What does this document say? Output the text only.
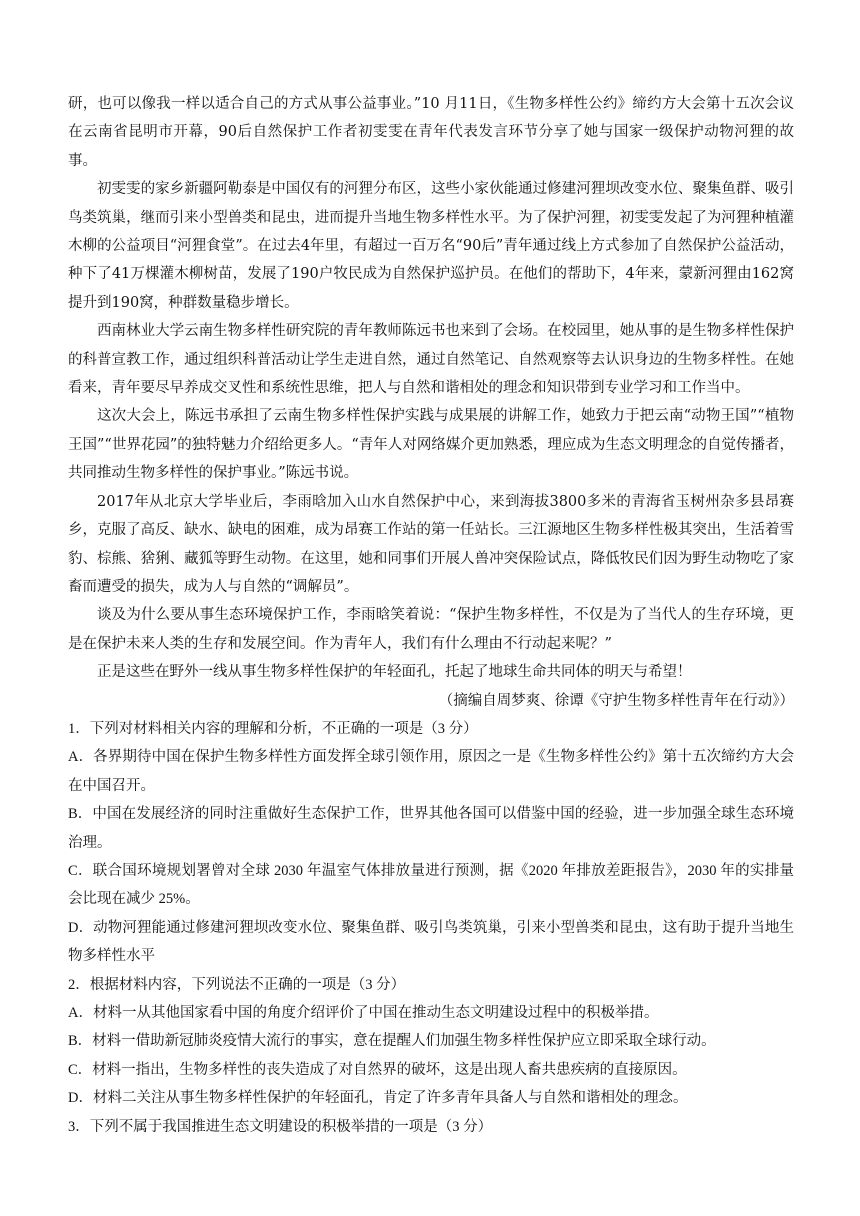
研，也可以像我一样以适合自己的方式从事公益事业。”10 月11日，《生物多样性公约》缔约方大会第十五次会议在云南省昆明市开幕，90后自然保护工作者初雯雯在青年代表发言环节分享了她与国家一级保护动物河狸的故事。

初雯雯的家乡新疆阿勒泰是中国仅有的河狸分布区，这些小家伙能通过修建河狸坝改变水位、聚集鱼群、吸引鸟类筑巢，继而引来小型兽类和昆虫，进而提升当地生物多样性水平。为了保护河狸，初雯雯发起了为河狸种植灌木柳的公益项目“河狸食堂”。在过去4年里，有超过一百万名“90后”青年通过线上方式参加了自然保护公益活动，种下了41万棵灌木柳树苗，发展了190户牧民成为自然保护巡护员。在他们的帮助下，4年来，蒙新河狸由162窝提升到190窝，种群数量稳步增长。

西南林业大学云南生物多样性研究院的青年教师陈远书也来到了会场。在校园里，她从事的是生物多样性保护的科普宣教工作，通过组织科普活动让学生走进自然，通过自然笔记、自然观察等去认识身边的生物多样性。在她看来，青年要尽早养成交叉性和系统性思维，把人与自然和谐相处的理念和知识带到专业学习和工作当中。

这次大会上，陈远书承担了云南生物多样性保护实践与成果展的讲解工作，她致力于把云南“动物王国”“植物王国”“世界花园”的独特魅力介绍给更多人。“青年人对网络媒介更加熟悉，理应成为生态文明理念的自觉传播者，共同推动生物多样性的保护事业。”陈远书说。

2017年从北京大学毕业后，李雨晗加入山水自然保护中心，来到海拔3800多米的青海省玉树州杂多县昂赛乡，克服了高反、缺水、缺电的困难，成为昂赛工作站的第一任站长。三江源地区生物多样性极其突出，生活着雪豹、棕熊、猞猁、藏狐等野生动物。在这里，她和同事们开展人兽冲突保险试点，降低牧民们因为野生动物吃了家畜而遭受的损失，成为人与自然的“调解员”。

谈及为什么要从事生态环境保护工作，李雨晗笑着说：“保护生物多样性，不仅是为了当代人的生存环境，更是在保护未来人类的生存和发展空间。作为青年人，我们有什么理由不行动起来呢？”

正是这些在野外一线从事生物多样性保护的年轻面孔，托起了地球生命共同体的明天与希望！

（摘编自周梦爽、徐谭《守护生物多样性青年在行动》）

1．下列对材料相关内容的理解和分析，不正确的一项是（3 分）

A．各界期待中国在保护生物多样性方面发挥全球引领作用，原因之一是《生物多样性公约》第十五次缔约方大会在中国召开。

B．中国在发展经济的同时注重做好生态保护工作，世界其他各国可以借鉴中国的经验，进一步加强全球生态环境治理。

C．联合国环境规划署曾对全球 2030 年温室气体排放量进行预测，据《2020 年排放差距报告》，2030 年的实排量会比现在减少 25%。

D．动物河狸能通过修建河狸坝改变水位、聚集鱼群、吸引鸟类筑巢，引来小型兽类和昆虫，这有助于提升当地生物多样性水平

2．根据材料内容，下列说法不正确的一项是（3 分）

A．材料一从其他国家看中国的角度介绍评价了中国在推动生态文明建设过程中的积极举措。

B．材料一借助新冠肺炎疫情大流行的事实，意在提醒人们加强生物多样性保护应立即采取全球行动。

C．材料一指出，生物多样性的丧失造成了对自然界的破坏，这是出现人畜共患疾病的直接原因。

D．材料二关注从事生物多样性保护的年轻面孔，肯定了许多青年具备人与自然和谐相处的理念。

3．下列不属于我国推进生态文明建设的积极举措的一项是（3 分）
